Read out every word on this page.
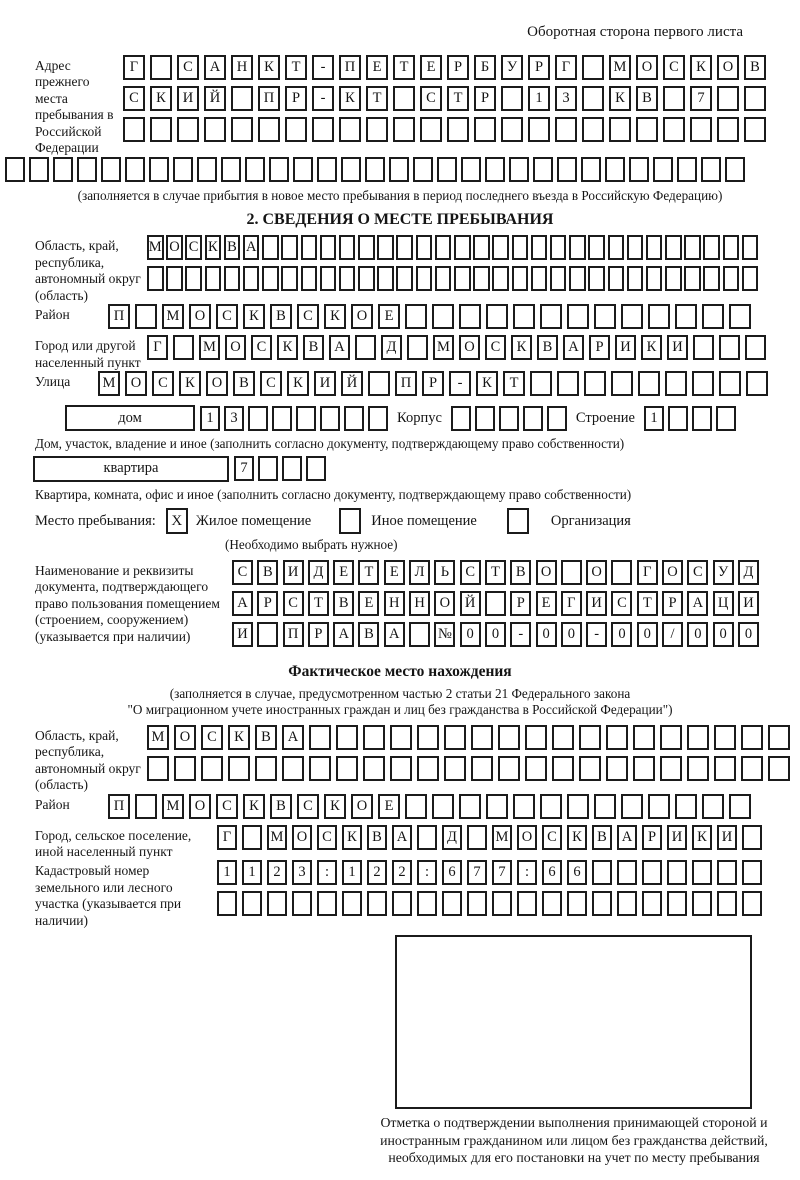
Оборотная сторона первого листа
Адрес прежнего места пребывания в Российской Федерации
Г	С	А	Н	К	Т	-	П	Е	Т	Е	Р	Б	У	Р	Г	М	О	С	К	О	В
С	К	И	Й	П	Р	-	К	Т	С	Т	Р	1	3	К	В	7
(заполняется в случае прибытия в новое место пребывания в период последнего въезда в Российскую Федерацию)
2. СВЕДЕНИЯ О МЕСТЕ ПРЕБЫВАНИЯ
Область, край, республика, автономный округ (область)
М О С К В А
Район	П	М	О	С	К	В	С	К	О	Е
Город или другой населенный пункт
Г	М О	С	К	В	А	Д	М О	С	К	В	А	Р	И	К	И
Улица	М	О	С	К	О	В	С	К	И	Й	П	Р	-	К	Т
дом	1	3	Корпус	Строение	1
Дом, участок, владение и иное (заполнить согласно документу, подтверждающему право собственности)
квартира	7
Квартира, комната, офис и иное (заполнить согласно документу, подтверждающему право собственности)
Место пребывания:	X Жилое помещение	Иное помещение	Организация
(Необходимо выбрать нужное)
Наименование и реквизиты документа, подтверждающего право пользования помещением (строением, сооружением) (указывается при наличии)
С	В	И	Д	Е	Т	Е	Л	Ь	С	Т	В	О	О	Г	О	С	У	Д
А	Р	С	Т	В	Е	Н	Н	О	Й	Р	Е	Г	И	С	Т	Р	А	Ц	И
И	П	Р	А	В	А	№	0	0	-	0	0	-	0	0	/	0	0	0
Фактическое место нахождения
(заполняется в случае, предусмотренном частью 2 статьи 21 Федерального закона
"О миграционном учете иностранных граждан и лиц без гражданства в Российской Федерации")
Область, край, республика, автономный округ (область)
М	О	С	К	В	А
Район	П	М	О	С	К	В	С	К	О	Е
Город, сельское поселение, иной населенный пункт
Г	М О	С	К	В	А	Д	М О	С	К	В	А	Р	И	К	И
Кадастровый номер земельного или лесного участка (указывается при наличии)
1	1	2	3	:	1	2	2	:	6	7	7	:	6	6
Отметка о подтверждении выполнения принимающей стороной и иностранным гражданином или лицом без гражданства действий, необходимых для его постановки на учет по месту пребывания
